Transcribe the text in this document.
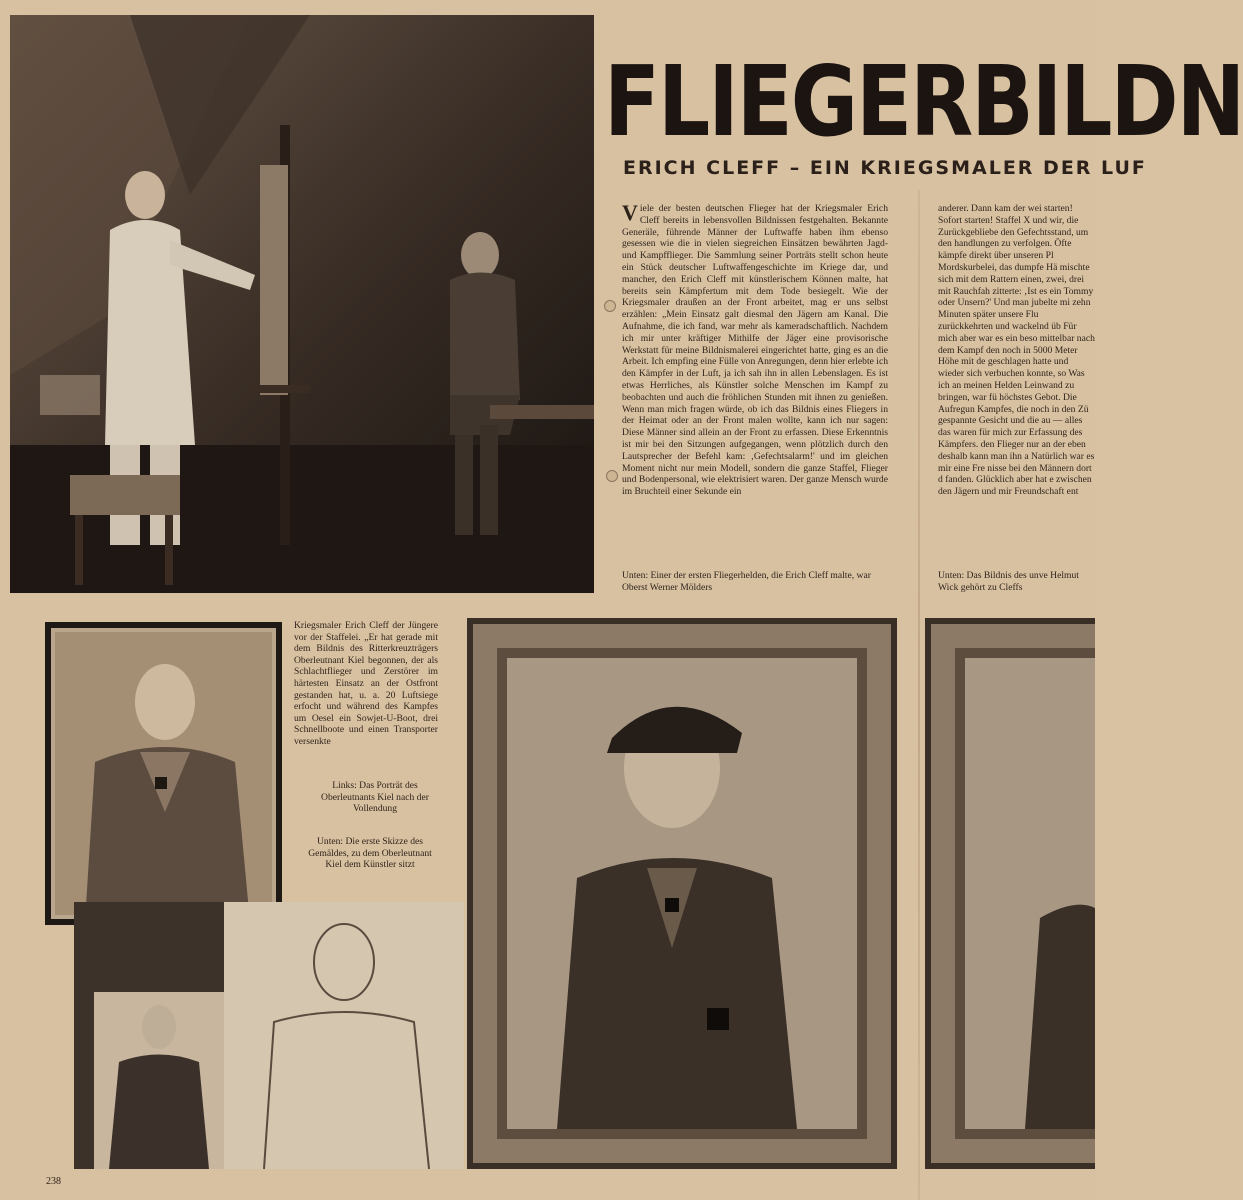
FLIEGERBILDN
ERICH CLEFF – EIN KRIEGSMALER DER LUF

Viele der besten deutschen Flieger hat der Kriegsmaler Erich Cleff bereits in lebensvollen Bildnissen festgehalten. Bekannte Generäle, führende Männer der Luftwaffe haben ihm ebenso gesessen wie die in vielen siegreichen Einsätzen bewährten Jagd- und Kampfflieger. Die Sammlung seiner Porträts stellt schon heute ein Stück deutscher Luftwaffengeschichte im Kriege dar, und mancher, den Erich Cleff mit künstlerischem Können malte, hat bereits sein Kämpfertum mit dem Tode besiegelt. Wie der Kriegsmaler draußen an der Front arbeitet, mag er uns selbst erzählen: „Mein Einsatz galt diesmal den Jägern am Kanal. Die Aufnahme, die ich fand, war mehr als kameradschaftlich. Nachdem ich mir unter kräftiger Mithilfe der Jäger eine provisorische Werkstatt für meine Bildnismalerei eingerichtet hatte, ging es an die Arbeit. Ich empfing eine Fülle von Anregungen, denn hier erlebte ich den Kämpfer in der Luft, ja ich sah ihn in allen Lebenslagen. Es ist etwas Herrliches, als Künstler solche Menschen im Kampf zu beobachten und auch die fröhlichen Stunden mit ihnen zu genießen. Wenn man mich fragen würde, ob ich das Bildnis eines Fliegers in der Heimat oder an der Front malen wollte, kann ich nur sagen: Diese Männer sind allein an der Front zu erfassen. Diese Erkenntnis ist mir bei den Sitzungen aufgegangen, wenn plötzlich durch den Lautsprecher der Befehl kam: ‚Gefechtsalarm!' und im gleichen Moment nicht nur mein Modell, sondern die ganze Staffel, Flieger und Bodenpersonal, wie elektrisiert waren. Der ganze Mensch wurde im Bruchteil einer Sekunde ein

anderer. Dann kam der wei starten! Sofort starten! Staffel X und wir, die Zurückgebliebe den Gefechtsstand, um den handlungen zu verfolgen. Öfte kämpfe direkt über unseren Pl Mordskurbelei, das dumpfe Hä mischte sich mit dem Rattern einen, zwei, drei mit Rauchfah zitterte: ‚Ist es ein Tommy oder Unsern?' Und man jubelte mi zehn Minuten später unsere Flu zurückkehrten und wackelnd üb Für mich aber war es ein beso mittelbar nach dem Kampf den noch in 5000 Meter Höhe mit de geschlagen hatte und wieder sich verbuchen konnte, so Was ich an meinen Helden Leinwand zu bringen, war fü höchstes Gebot. Die Aufregun Kampfes, die noch in den Zü gespannte Gesicht und die au — alles das waren für mich zur Erfassung des Kämpfers. den Flieger nur an der eben deshalb kann man ihn a Natürlich war es mir eine Fre nisse bei den Männern dort d fanden. Glücklich aber hat e zwischen den Jägern und mir Freundschaft ent

Unten: Einer der ersten Fliegerhelden, die Erich Cleff malte, war Oberst Werner Mölders

Unten: Das Bildnis des unve Helmut Wick gehört zu Cleffs

Kriegsmaler Erich Cleff der Jüngere vor der Staffelei. „Er hat gerade mit dem Bildnis des Ritterkreuzträgers Oberleutnant Kiel begonnen, der als Schlachtflieger und Zerstörer im härtesten Einsatz an der Ostfront gestanden hat, u. a. 20 Luftsiege erfocht und während des Kampfes um Oesel ein Sowjet-U-Boot, drei Schnellboote und einen Transporter versenkte

Links: Das Porträt des Oberleutnants Kiel nach der Vollendung

Unten: Die erste Skizze des Gemäldes, zu dem Oberleutnant Kiel dem Künstler sitzt

238
